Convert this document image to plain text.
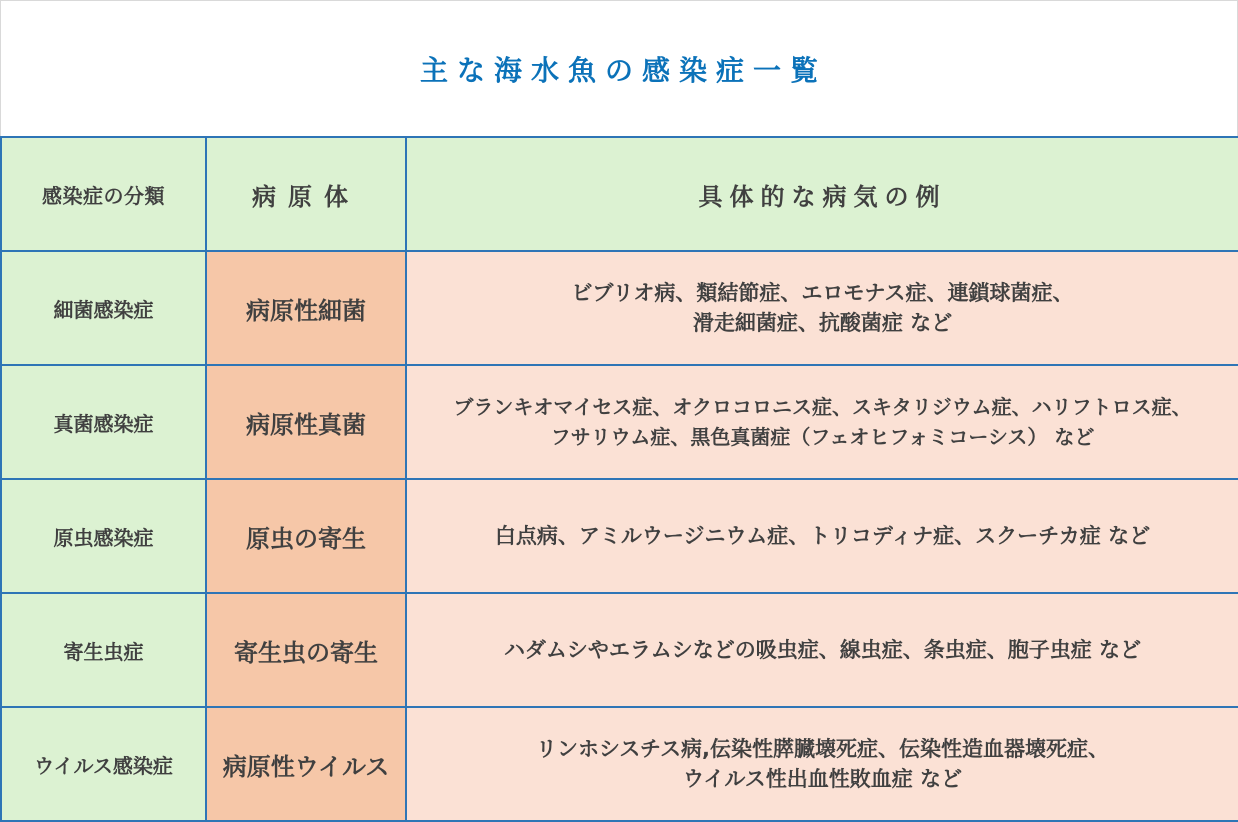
主な海水魚の感染症一覧
感染症の分類	病原体	具体的な病気の例
細菌感染症	病原性細菌	ビブリオ病、類結節症、エロモナス症、連鎖球菌症、
滑走細菌症、抗酸菌症 など

真菌感染症	病原性真菌	ブランキオマイセス症、オクロコロニス症、スキタリジウム症、ハリフトロス症、
フサリウム症、黒色真菌症（フェオヒフォミコーシス） など

原虫感染症	原虫の寄生	白点病、アミルウージニウム症、トリコディナ症、スクーチカ症 など

寄生虫症	寄生虫の寄生	ハダムシやエラムシなどの吸虫症、線虫症、条虫症、胞子虫症 など

ウイルス感染症	病原性ウイルス	リンホシスチス病,伝染性膵臓壊死症、伝染性造血器壊死症、
ウイルス性出血性敗血症 など
